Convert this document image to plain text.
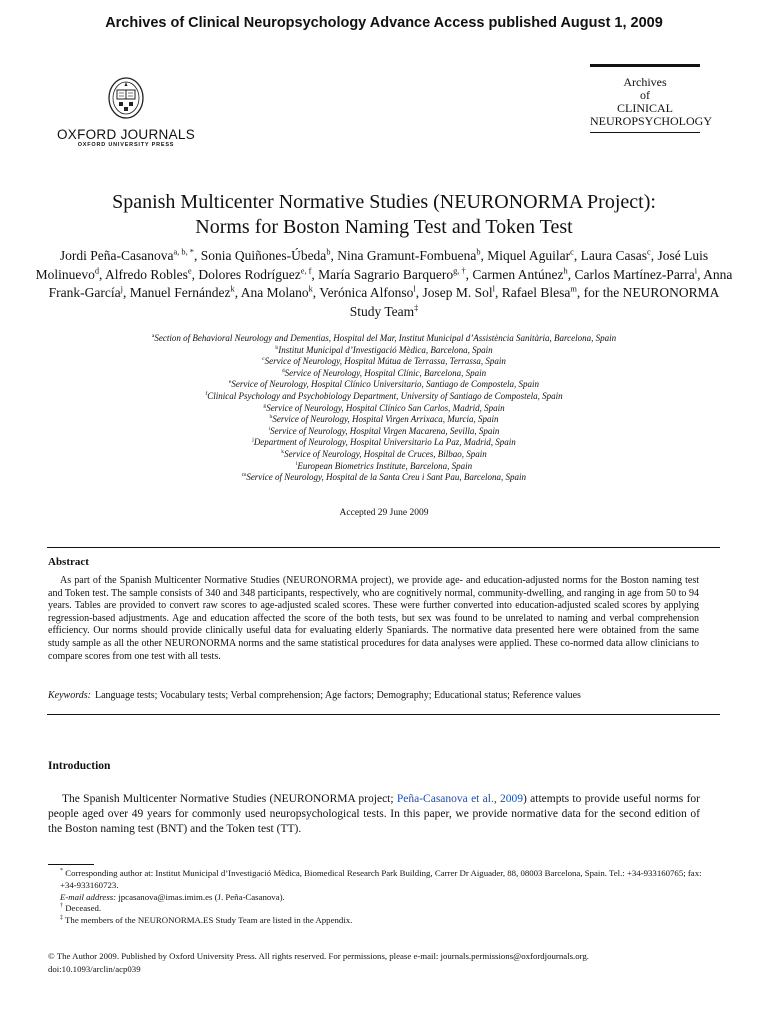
Archives of Clinical Neuropsychology Advance Access published August 1, 2009
OXFORD JOURNALS
OXFORD UNIVERSITY PRESS
Archives
of
CLINICAL
NEUROPSYCHOLOGY
Spanish Multicenter Normative Studies (NEURONORMA Project):
Norms for Boston Naming Test and Token Test
Jordi Peña-Casanova$^{a, b, *}$, Sonia Quiñones-Úbeda$^b$, Nina Gramunt-Fombuena$^b$, Miquel Aguilar$^c$, Laura Casas$^c$, José Luis Molinuevo$^d$, Alfredo Robles$^e$, Dolores Rodríguez$^{e, f}$, María Sagrario Barquero$^{g, \dagger}$, Carmen Antúnez$^h$, Carlos Martínez-Parra$^i$, Anna Frank-García$^j$, Manuel Fernández$^k$, Ana Molano$^k$, Verónica Alfonso$^l$, Josep M. Sol$^l$, Rafael Blesa$^m$, for the NEURONORMA Study Team‡
$^a$Section of Behavioral Neurology and Dementias, Hospital del Mar, Institut Municipal d’Assistència Sanitària, Barcelona, Spain
$^b$Institut Municipal d’Investigació Mèdica, Barcelona, Spain
$^c$Service of Neurology, Hospital Mútua de Terrassa, Terrassa, Spain
$^d$Service of Neurology, Hospital Clínic, Barcelona, Spain
$^e$Service of Neurology, Hospital Clínico Universitario, Santiago de Compostela, Spain
$^f$Clinical Psychology and Psychobiology Department, University of Santiago de Compostela, Spain
$^g$Service of Neurology, Hospital Clínico San Carlos, Madrid, Spain
$^h$Service of Neurology, Hospital Virgen Arrixaca, Murcia, Spain
$^i$Service of Neurology, Hospital Virgen Macarena, Sevilla, Spain
$^j$Department of Neurology, Hospital Universitario La Paz, Madrid, Spain
$^k$Service of Neurology, Hospital de Cruces, Bilbao, Spain
$^l$European Biometrics Institute, Barcelona, Spain
$^m$Service of Neurology, Hospital de la Santa Creu i Sant Pau, Barcelona, Spain
Accepted 29 June 2009
Abstract
As part of the Spanish Multicenter Normative Studies (NEURONORMA project), we provide age- and education-adjusted norms for the Boston naming test and Token test. The sample consists of 340 and 348 participants, respectively, who are cognitively normal, community-dwelling, and ranging in age from 50 to 94 years. Tables are provided to convert raw scores to age-adjusted scaled scores. These were further converted into education-adjusted scaled scores by applying regression-based adjustments. Age and education affected the score of the both tests, but sex was found to be unrelated to naming and verbal comprehension efficiency. Our norms should provide clinically useful data for evaluating elderly Spaniards. The normative data presented here were obtained from the same study sample as all the other NEURONORMA norms and the same statistical procedures for data analyses were applied. These co-normed data allow clinicians to compare scores from one test with all tests.
Keywords: Language tests; Vocabulary tests; Verbal comprehension; Age factors; Demography; Educational status; Reference values
Introduction
The Spanish Multicenter Normative Studies (NEURONORMA project; Peña-Casanova et al., 2009) attempts to provide useful norms for people aged over 49 years for commonly used neuropsychological tests. In this paper, we provide normative data for the second edition of the Boston naming test (BNT) and the Token test (TT).

* Corresponding author at: Institut Municipal d’Investigació Mèdica, Biomedical Research Park Building, Carrer Dr Aiguader, 88, 08003 Barcelona, Spain. Tel.: +34-933160765; fax: +34-933160723.

E-mail address: jpcasanova@imas.imim.es (J. Peña-Casanova).

† Deceased.

‡ The members of the NEURONORMA.ES Study Team are listed in the Appendix.

© The Author 2009. Published by Oxford University Press. All rights reserved. For permissions, please e-mail: journals.permissions@oxfordjournals.org.
doi:10.1093/arclin/acp039
